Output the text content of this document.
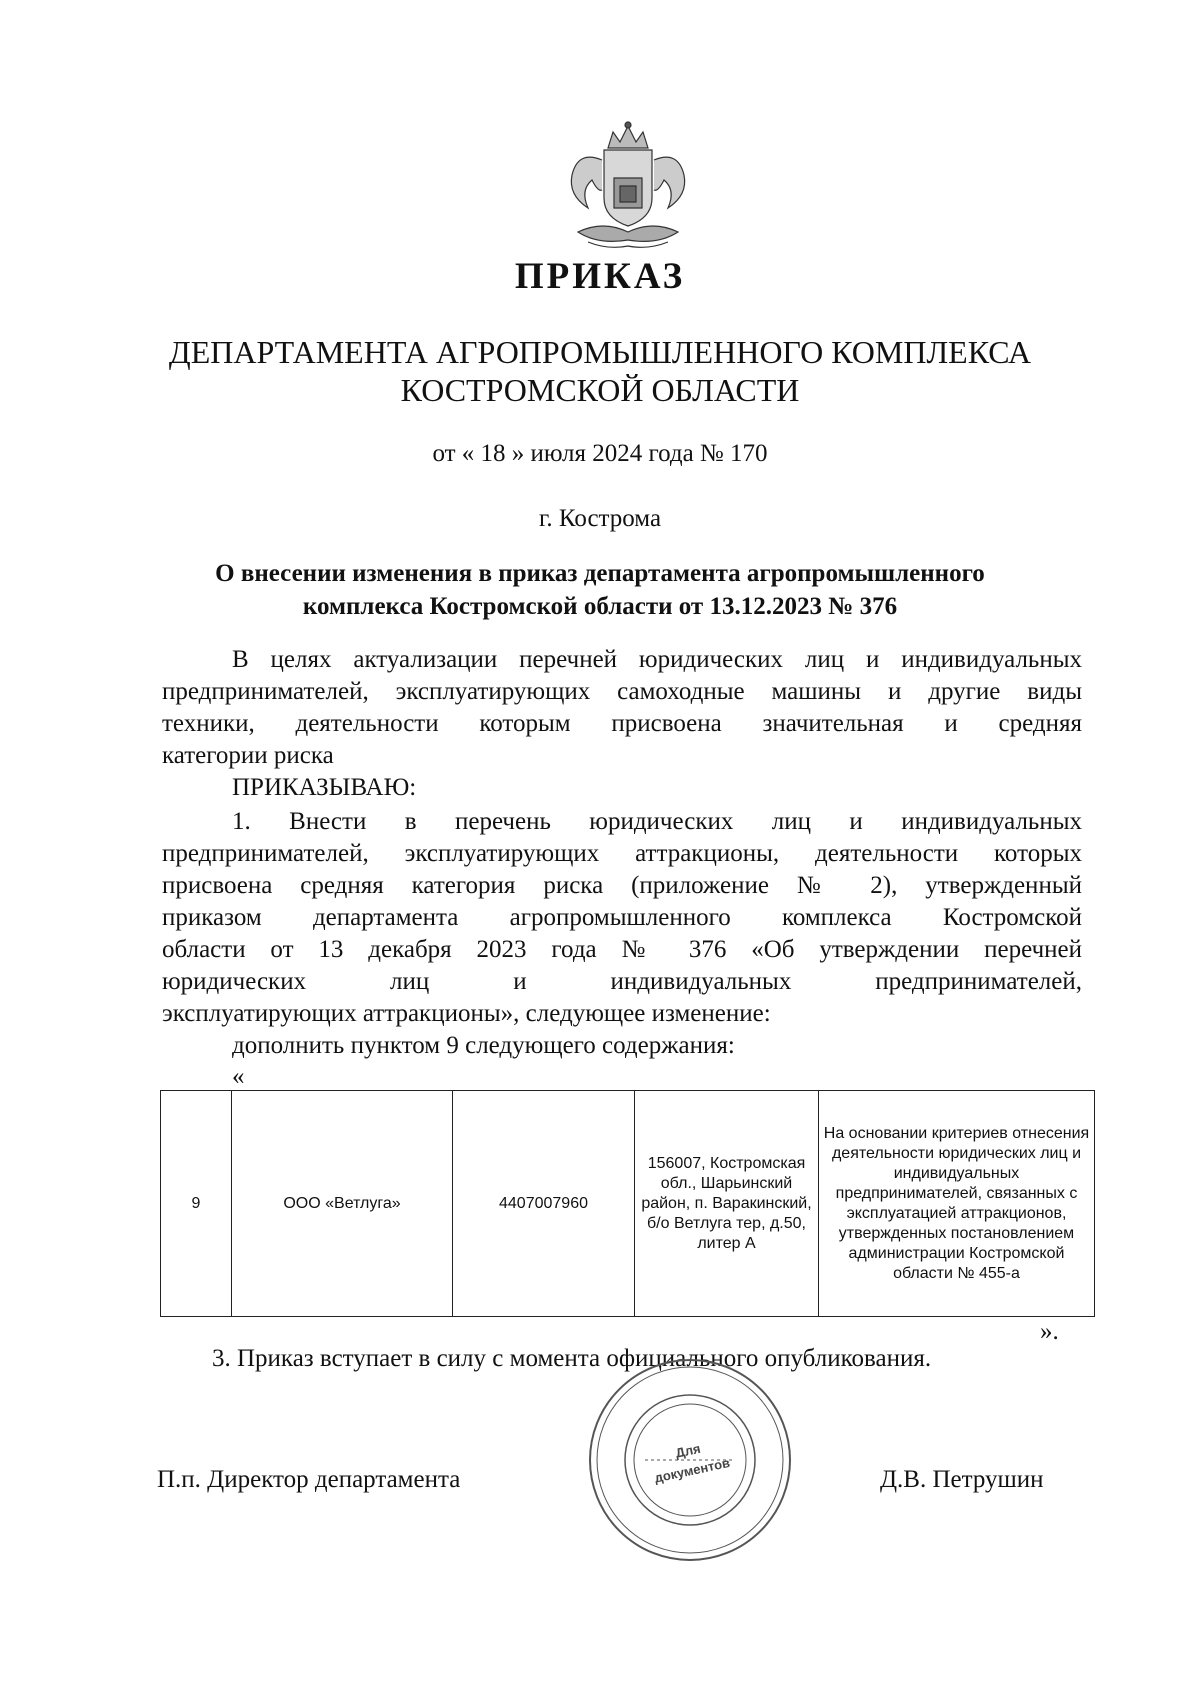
ПРИКАЗ
ДЕПАРТАМЕНТА АГРОПРОМЫШЛЕННОГО КОМПЛЕКСА
КОСТРОМСКОЙ ОБЛАСТИ
от « 18 » июля 2024 года № 170
г. Кострома
О внесении изменения в приказ департамента агропромышленного
комплекса Костромской области от 13.12.2023 № 376
В целях актуализации перечней юридических лиц и индивидуальных
предпринимателей, эксплуатирующих самоходные машины и другие виды
техники, деятельности которым присвоена значительная и средняя
категории риска
ПРИКАЗЫВАЮ:
1. Внести в перечень юридических лиц и индивидуальных
предпринимателей, эксплуатирующих аттракционы, деятельности которых
присвоена средняя категория риска (приложение № 2), утвержденный
приказом департамента агропромышленного комплекса Костромской
области от 13 декабря 2023 года № 376 «Об утверждении перечней
юридических лиц и индивидуальных предпринимателей,
эксплуатирующих аттракционы», следующее изменение:
дополнить пунктом 9 следующего содержания:
«
9	ООО «Ветлуга»	4407007960	156007, Костромская обл., Шарьинский район, п. Варакинский, б/о Ветлуга тер, д.50, литер А	На основании критериев отнесения деятельности юридических лиц и индивидуальных предпринимателей, связанных с эксплуатацией аттракционов, утвержденных постановлением администрации Костромской области № 455-а
».
3. Приказ вступает в силу с момента официального опубликования.
Для
документов
П.п. Директор департамента	Д.В. Петрушин
